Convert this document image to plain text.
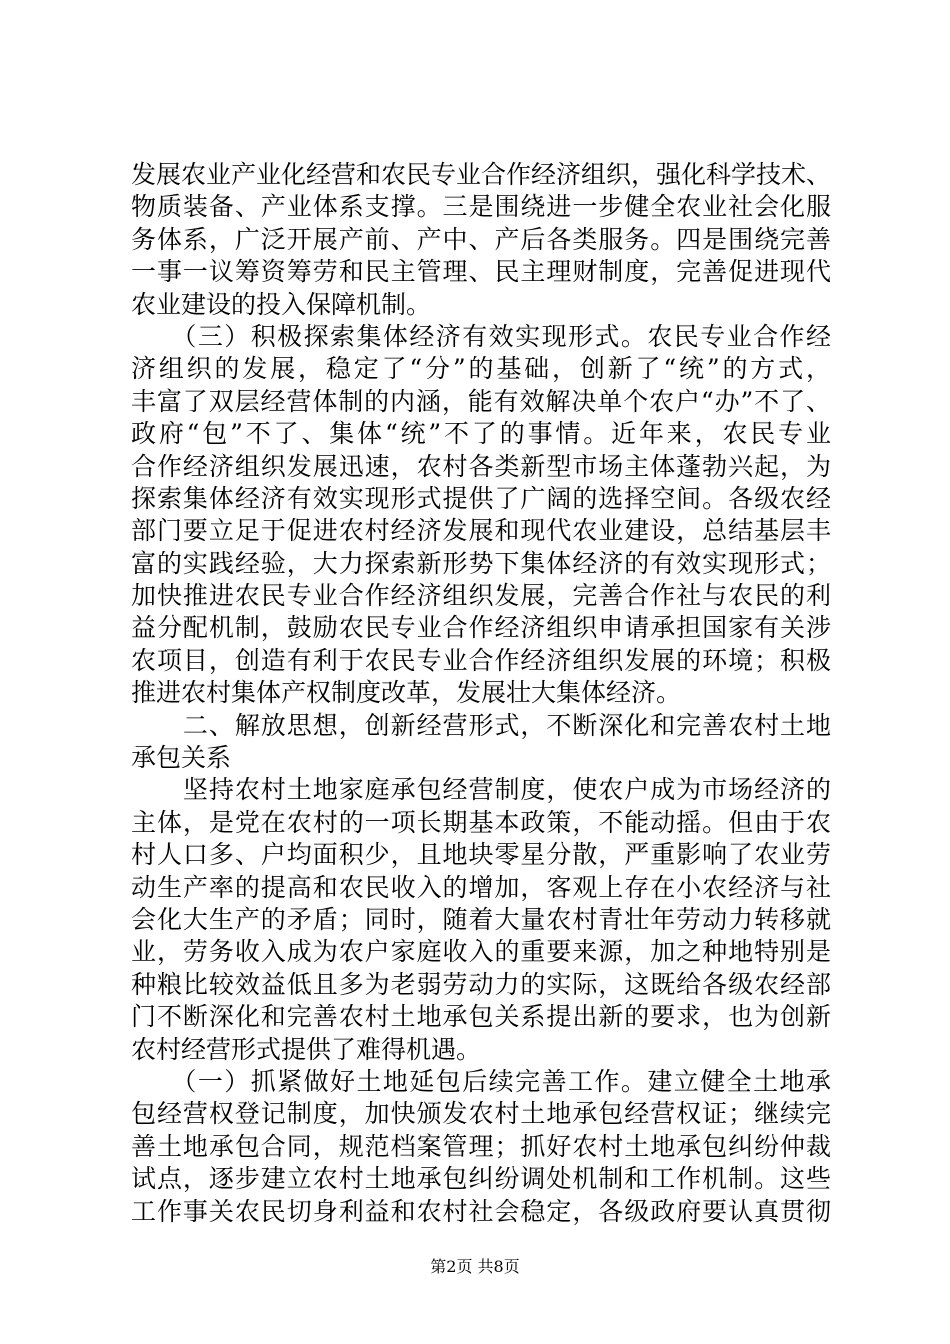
发展农业产业化经营和农民专业合作经济组织，强化科学技术、
物质装备、产业体系支撑。三是围绕进一步健全农业社会化服
务体系，广泛开展产前、产中、产后各类服务。四是围绕完善
一事一议筹资筹劳和民主管理、民主理财制度，完善促进现代
农业建设的投入保障机制。
　　（三）积极探索集体经济有效实现形式。农民专业合作经
济组织的发展，稳定了“分”的基础，创新了“统”的方式，
丰富了双层经营体制的内涵，能有效解决单个农户“办”不了、
政府“包”不了、集体“统”不了的事情。近年来，农民专业
合作经济组织发展迅速，农村各类新型市场主体蓬勃兴起，为
探索集体经济有效实现形式提供了广阔的选择空间。各级农经
部门要立足于促进农村经济发展和现代农业建设，总结基层丰
富的实践经验，大力探索新形势下集体经济的有效实现形式；
加快推进农民专业合作经济组织发展，完善合作社与农民的利
益分配机制，鼓励农民专业合作经济组织申请承担国家有关涉
农项目，创造有利于农民专业合作经济组织发展的环境；积极
推进农村集体产权制度改革，发展壮大集体经济。
　　二、解放思想，创新经营形式，不断深化和完善农村土地
承包关系
　　坚持农村土地家庭承包经营制度，使农户成为市场经济的
主体，是党在农村的一项长期基本政策，不能动摇。但由于农
村人口多、户均面积少，且地块零星分散，严重影响了农业劳
动生产率的提高和农民收入的增加，客观上存在小农经济与社
会化大生产的矛盾；同时，随着大量农村青壮年劳动力转移就
业，劳务收入成为农户家庭收入的重要来源，加之种地特别是
种粮比较效益低且多为老弱劳动力的实际，这既给各级农经部
门不断深化和完善农村土地承包关系提出新的要求，也为创新
农村经营形式提供了难得机遇。
　　（一）抓紧做好土地延包后续完善工作。建立健全土地承
包经营权登记制度，加快颁发农村土地承包经营权证；继续完
善土地承包合同，规范档案管理；抓好农村土地承包纠纷仲裁
试点，逐步建立农村土地承包纠纷调处机制和工作机制。这些
工作事关农民切身利益和农村社会稳定，各级政府要认真贯彻
第2页 共8页
